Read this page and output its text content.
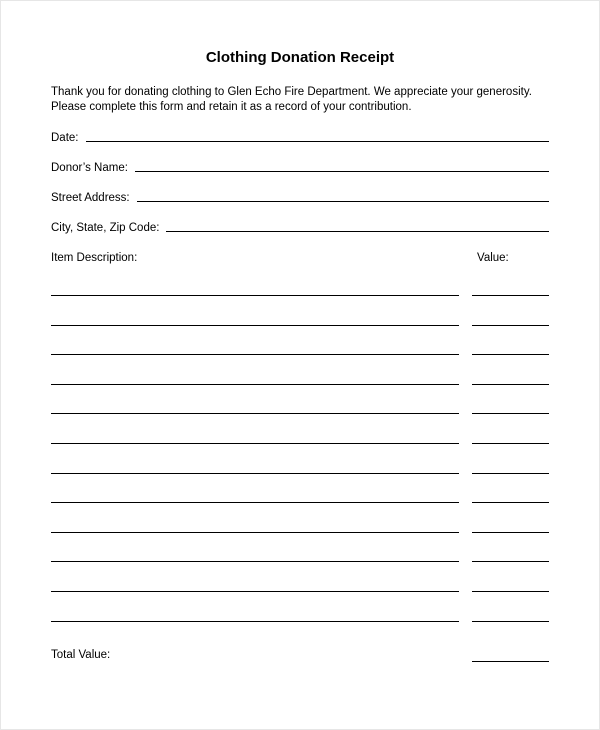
Clothing Donation Receipt
Thank you for donating clothing to Glen Echo Fire Department. We appreciate your generosity.
Please complete this form and retain it as a record of your contribution.
Date:
Donor’s Name:
Street Address:
City, State, Zip Code:
Item Description:	Value:
Total Value:
